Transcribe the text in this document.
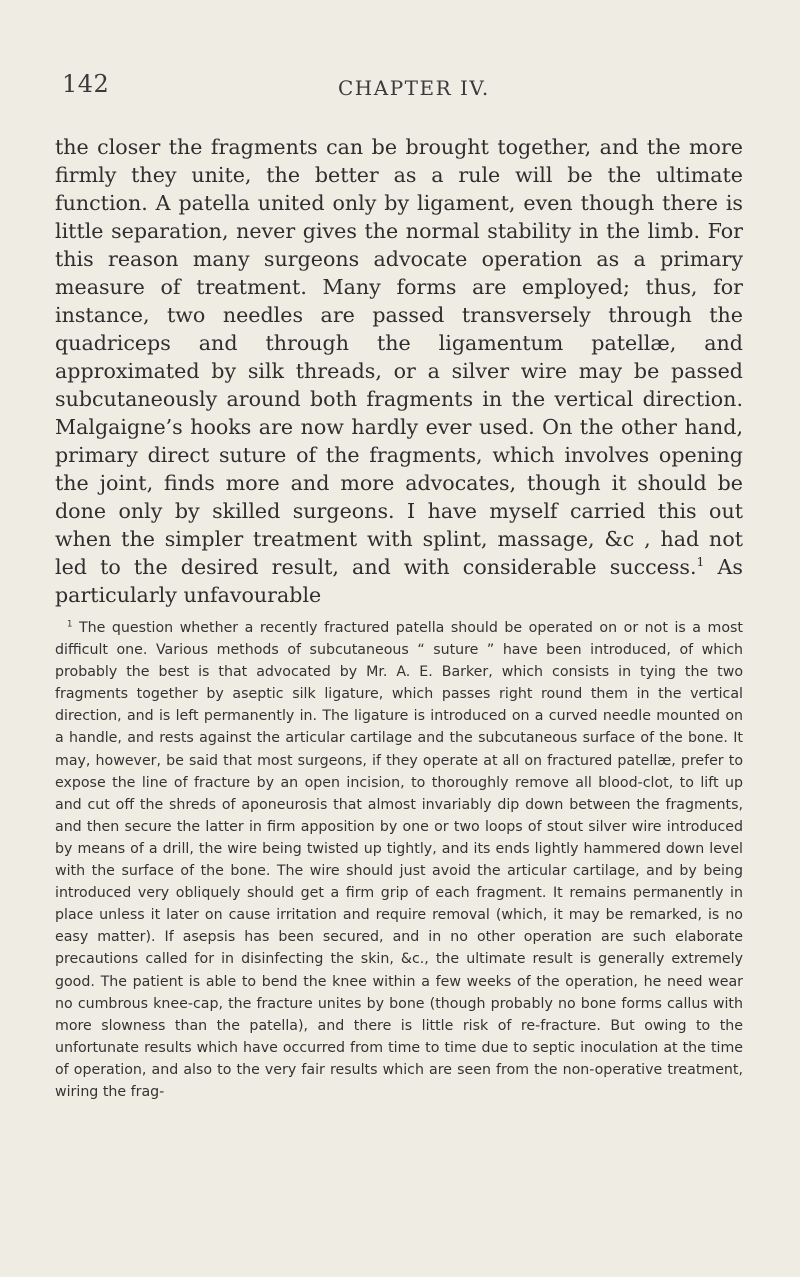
142	CHAPTER IV.

the closer the fragments can be brought together, and the more firmly they unite, the better as a rule will be the ultimate function. A patella united only by ligament, even though there is little separation, never gives the normal stability in the limb. For this reason many surgeons advocate operation as a primary measure of treatment. Many forms are employed; thus, for instance, two needles are passed transversely through the quadriceps and through the ligamentum patellæ, and approximated by silk threads, or a silver wire may be passed subcutaneously around both fragments in the vertical direction. Malgaigne’s hooks are now hardly ever used. On the other hand, primary direct suture of the fragments, which involves opening the joint, finds more and more advocates, though it should be done only by skilled surgeons. I have myself carried this out when the simpler treatment with splint, massage, &c , had not led to the desired result, and with considerable success.$^1$ As particularly unfavourable

$^1$ The question whether a recently fractured patella should be operated on or not is a most difficult one. Various methods of subcutaneous “ suture ” have been introduced, of which probably the best is that advocated by Mr. A. E. Barker, which consists in tying the two fragments together by aseptic silk ligature, which passes right round them in the vertical direction, and is left permanently in. The ligature is introduced on a curved needle mounted on a handle, and rests against the articular cartilage and the subcutaneous surface of the bone. It may, however, be said that most surgeons, if they operate at all on fractured patellæ, prefer to expose the line of fracture by an open incision, to thoroughly remove all blood-clot, to lift up and cut off the shreds of aponeurosis that almost invariably dip down between the fragments, and then secure the latter in firm apposition by one or two loops of stout silver wire introduced by means of a drill, the wire being twisted up tightly, and its ends lightly hammered down level with the surface of the bone. The wire should just avoid the articular cartilage, and by being introduced very obliquely should get a firm grip of each fragment. It remains permanently in place unless it later on cause irritation and require removal (which, it may be remarked, is no easy matter). If asepsis has been secured, and in no other operation are such elaborate precautions called for in disinfecting the skin, &c., the ultimate result is generally extremely good. The patient is able to bend the knee within a few weeks of the operation, he need wear no cumbrous knee-cap, the fracture unites by bone (though probably no bone forms callus with more slowness than the patella), and there is little risk of re-fracture. But owing to the unfortunate results which have occurred from time to time due to septic inoculation at the time of operation, and also to the very fair results which are seen from the non-operative treatment, wiring the frag-
